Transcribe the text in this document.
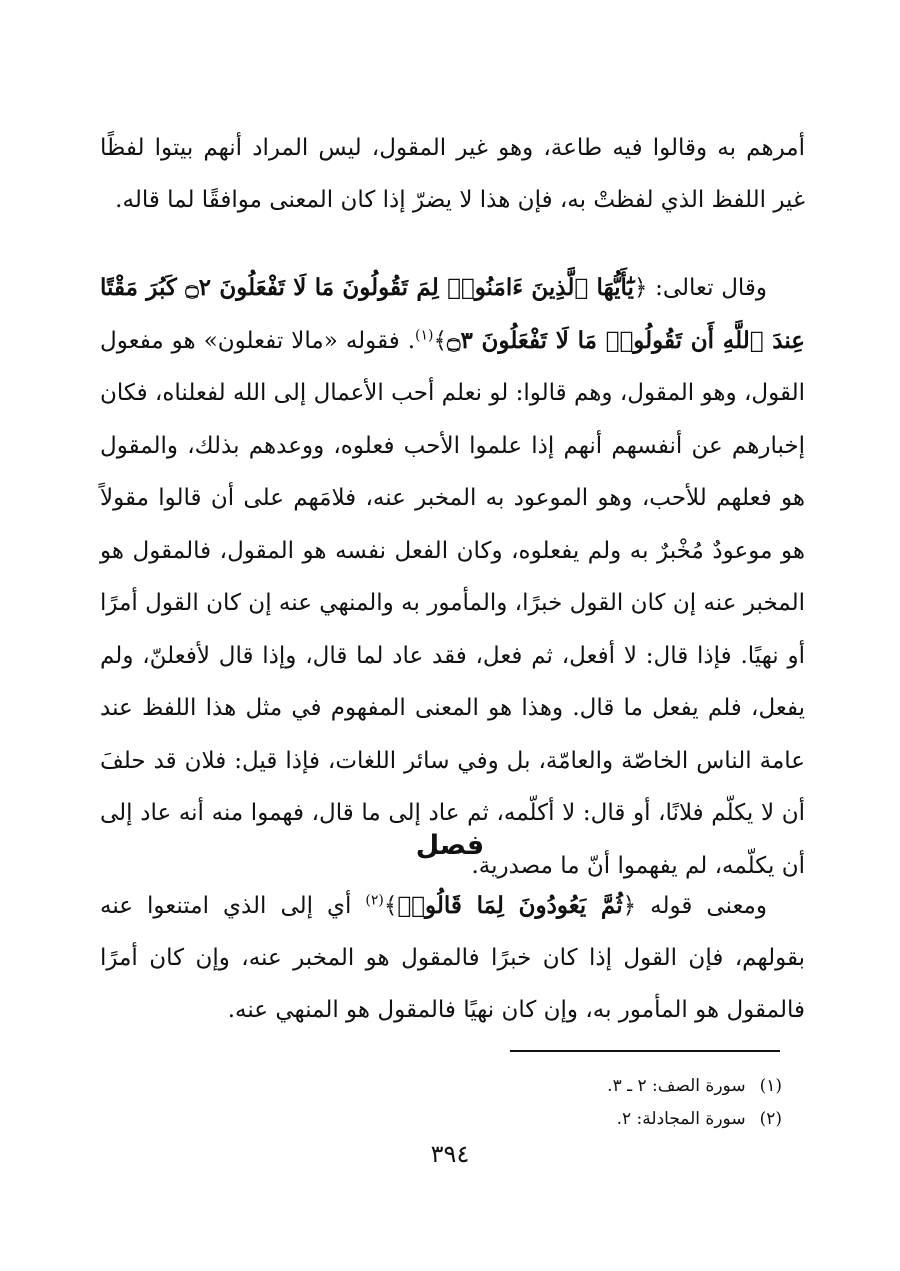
أمرهم به وقالوا فيه طاعة، وهو غير المقول، ليس المراد أنهم بيتوا لفظًا غير اللفظ الذي لفظتْ به، فإن هذا لا يضرّ إذا كان المعنى موافقًا لما قاله.

وقال تعالى: ﴿يَٰٓأَيُّهَا ٱلَّذِينَ ءَامَنُوا۟ لِمَ تَقُولُونَ مَا لَا تَفْعَلُونَ ۝٢ كَبُرَ مَقْتًا عِندَ ٱللَّهِ أَن تَقُولُوا۟ مَا لَا تَفْعَلُونَ ۝٣﴾$^{(١)}$. فقوله «مالا تفعلون» هو مفعول القول، وهو المقول، وهم قالوا: لو نعلم أحب الأعمال إلى الله لفعلناه، فكان إخبارهم عن أنفسهم أنهم إذا علموا الأحب فعلوه، ووعدهم بذلك، والمقول هو فعلهم للأحب، وهو الموعود به المخبر عنه، فلامَهم على أن قالوا مقولاً هو موعودٌ مُخْبرٌ به ولم يفعلوه، وكان الفعل نفسه هو المقول، فالمقول هو المخبر عنه إن كان القول خبرًا، والمأمور به والمنهي عنه إن كان القول أمرًا أو نهيًا. فإذا قال: لا أفعل، ثم فعل، فقد عاد لما قال، وإذا قال لأفعلنّ، ولم يفعل، فلم يفعل ما قال. وهذا هو المعنى المفهوم في مثل هذا اللفظ عند عامة الناس الخاصّة والعامّة، بل وفي سائر اللغات، فإذا قيل: فلان قد حلفَ أن لا يكلّم فلانًا، أو قال: لا أكلّمه، ثم عاد إلى ما قال، فهموا منه أنه عاد إلى أن يكلّمه، لم يفهموا أنّ ما مصدرية.

فصل

ومعنى قوله ﴿ثُمَّ يَعُودُونَ لِمَا قَالُوا۟﴾$^{(٢)}$ أي إلى الذي امتنعوا عنه بقولهم، فإن القول إذا كان خبرًا فالمقول هو المخبر عنه، وإن كان أمرًا فالمقول هو المأمور به، وإن كان نهيًا فالمقول هو المنهي عنه.

(١)سورة الصف: ٢ ـ ٣.
(٢)سورة المجادلة: ٢.
٣٩٤
